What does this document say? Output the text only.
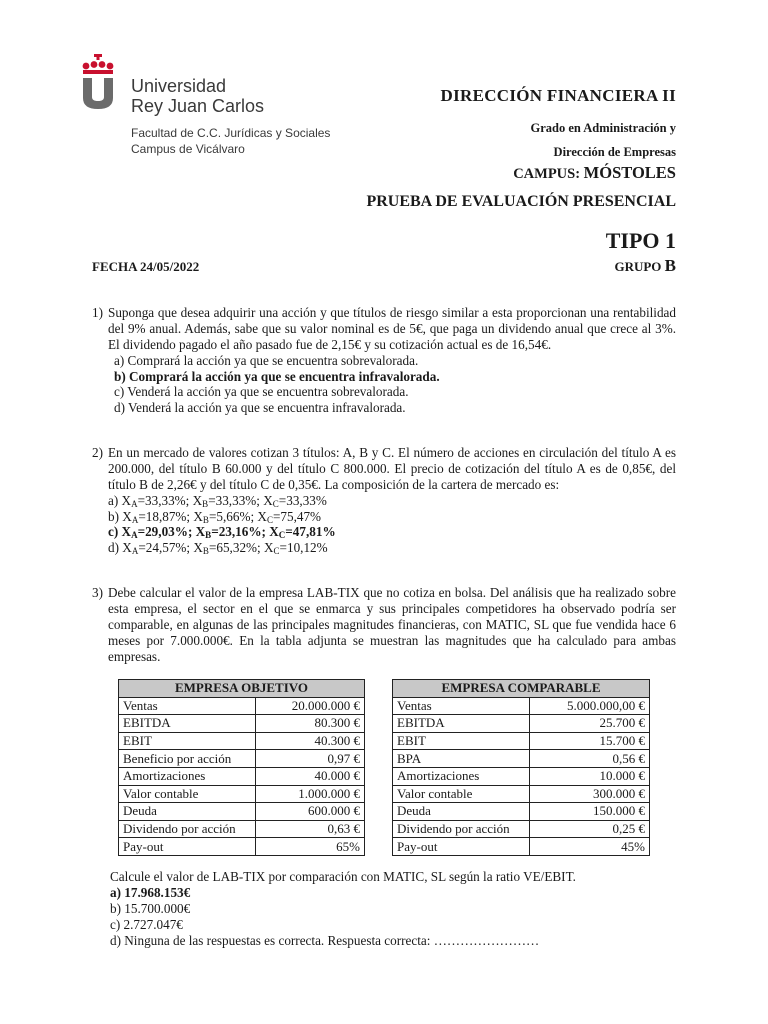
Universidad
Rey Juan Carlos
Facultad de C.C. Jurídicas y Sociales
Campus de Vicálvaro
DIRECCIÓN FINANCIERA II
Grado en Administración y
Dirección de Empresas
CAMPUS: MÓSTOLES
PRUEBA DE EVALUACIÓN PRESENCIAL
TIPO 1
GRUPO B
FECHA 24/05/2022
1) Suponga que desea adquirir una acción y que títulos de riesgo similar a esta proporcionan una rentabilidad del 9% anual. Además, sabe que su valor nominal es de 5€, que paga un dividendo anual que crece al 3%. El dividendo pagado el año pasado fue de 2,15€ y su cotización actual es de 16,54€.
a) Comprará la acción ya que se encuentra sobrevalorada.
b) Comprará la acción ya que se encuentra infravalorada.
c) Venderá la acción ya que se encuentra sobrevalorada.
d) Venderá la acción ya que se encuentra infravalorada.
2) En un mercado de valores cotizan 3 títulos: A, B y C. El número de acciones en circulación del título A es 200.000, del título B 60.000 y del título C 800.000. El precio de cotización del título A es de 0,85€, del título B de 2,26€ y del título C de 0,35€. La composición de la cartera de mercado es:
a) $X_A=33,33\%$; $X_B=33,33\%$; $X_C=33,33\%$
b) $X_A=18,87\%$; $X_B=5,66\%$; $X_C=75,47\%$
c) $X_A=29,03\%$; $X_B=23,16\%$; $X_C=47,81\%$
d) $X_A=24,57\%$; $X_B=65,32\%$; $X_C=10,12\%$
3) Debe calcular el valor de la empresa LAB-TIX que no cotiza en bolsa. Del análisis que ha realizado sobre esta empresa, el sector en el que se enmarca y sus principales competidores ha observado podría ser comparable, en algunas de las principales magnitudes financieras, con MATIC, SL que fue vendida hace 6 meses por 7.000.000€. En la tabla adjunta se muestran las magnitudes que ha calculado para ambas empresas.
EMPRESA OBJETIVO	
Ventas	20.000.000 €
EBITDA	80.300 €
EBIT	40.300 €
Beneficio por acción	0,97 €
Amortizaciones	40.000 €
Valor contable	1.000.000 €
Deuda	600.000 €
Dividendo por acción	0,63 €
Pay-out	65%
EMPRESA COMPARABLE	
Ventas	5.000.000,00 €
EBITDA	25.700 €
EBIT	15.700 €
BPA	0,56 €
Amortizaciones	10.000 €
Valor contable	300.000 €
Deuda	150.000 €
Dividendo por acción	0,25 €
Pay-out	45%
Calcule el valor de LAB-TIX por comparación con MATIC, SL según la ratio VE/EBIT.
a) 17.968.153€
b) 15.700.000€
c) 2.727.047€
d) Ninguna de las respuestas es correcta. Respuesta correcta: ……………………
